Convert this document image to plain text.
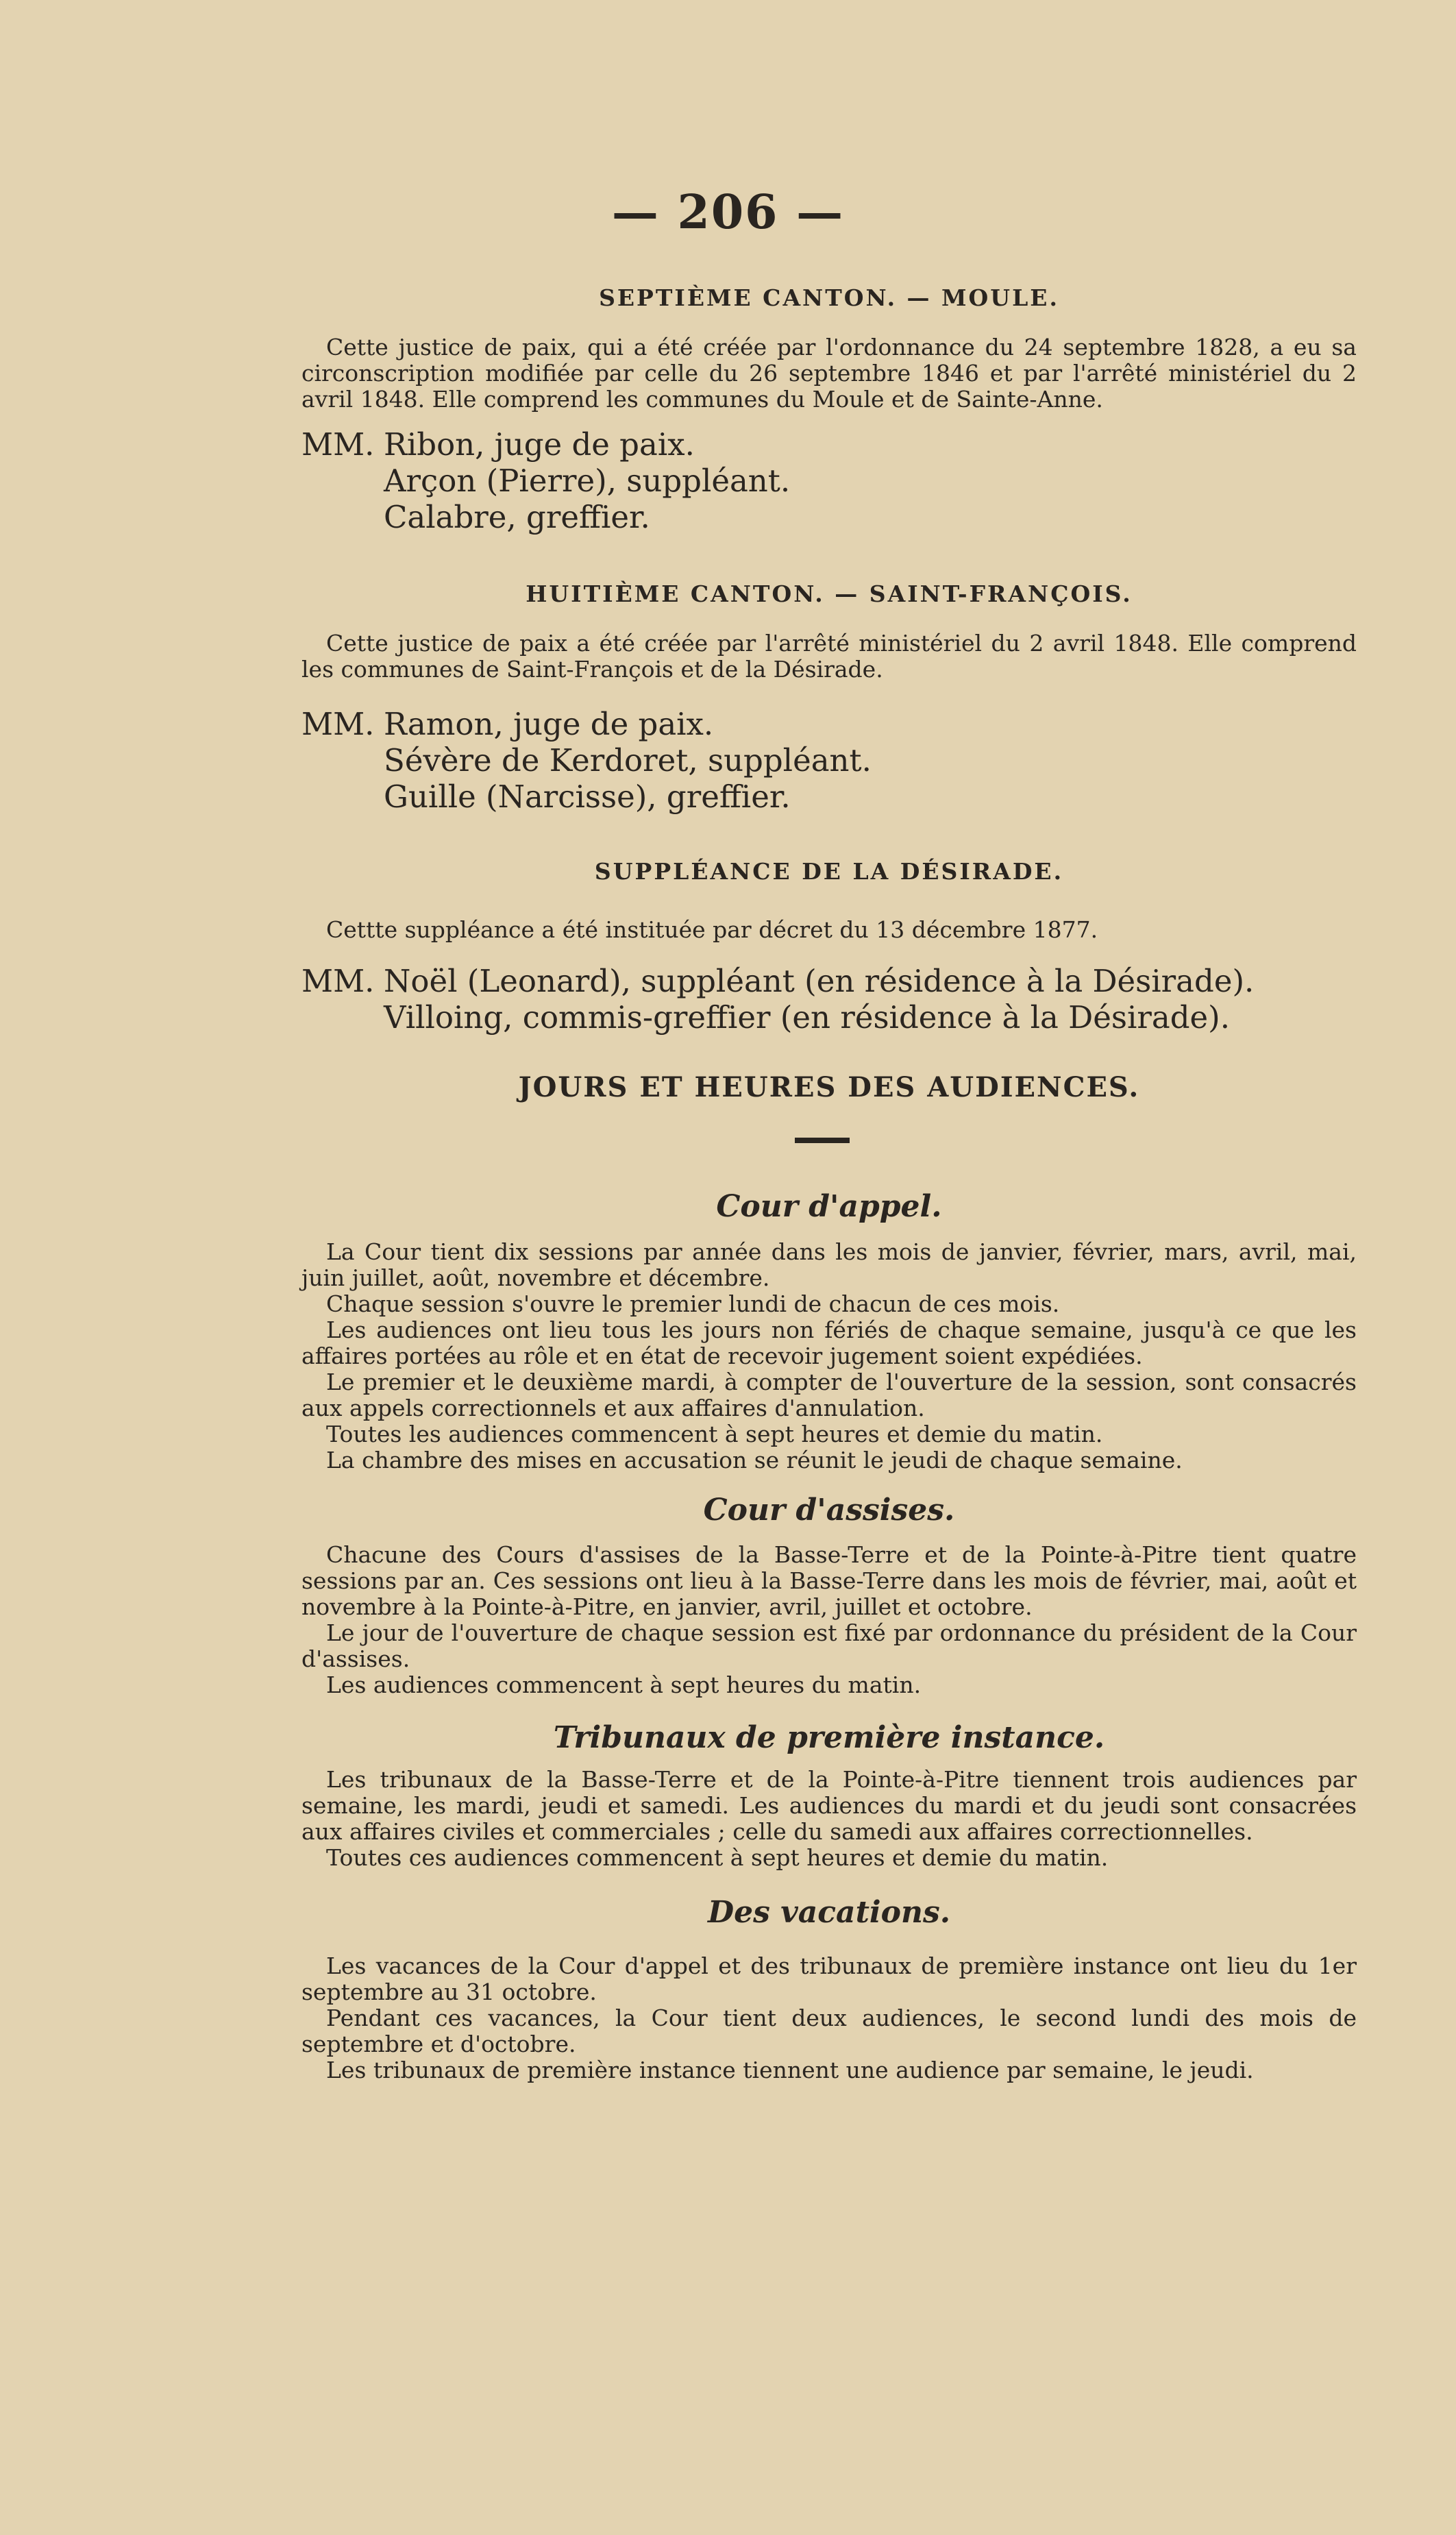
— 206 —
SEPTIÈME CANTON. — MOULE.

Cette justice de paix, qui a été créée par l'ordonnance du 24 septembre 1828, a eu sa circonscription modifiée par celle du 26 septembre 1846 et par l'arrêté ministériel du 2 avril 1848. Elle comprend les communes du Moule et de Sainte-Anne.

MM. Ribon, juge de paix.
Arçon (Pierre), suppléant.
Calabre, greffier.
HUITIÈME CANTON. — SAINT-FRANÇOIS.

Cette justice de paix a été créée par l'arrêté ministériel du 2 avril 1848. Elle comprend les communes de Saint-François et de la Désirade.

MM. Ramon, juge de paix.
Sévère de Kerdoret, suppléant.
Guille (Narcisse), greffier.
SUPPLÉANCE DE LA DÉSIRADE.

Cettte suppléance a été instituée par décret du 13 décembre 1877.

MM. Noël (Leonard), suppléant (en résidence à la Désirade).
Villoing, commis-greffier (en résidence à la Désirade).
JOURS ET HEURES DES AUDIENCES.
Cour d'appel.

La Cour tient dix sessions par année dans les mois de janvier, février, mars, avril, mai, juin juillet, août, novembre et décembre.

Chaque session s'ouvre le premier lundi de chacun de ces mois.

Les audiences ont lieu tous les jours non fériés de chaque semaine, jusqu'à ce que les affaires portées au rôle et en état de recevoir jugement soient expédiées.

Le premier et le deuxième mardi, à compter de l'ouverture de la session, sont consacrés aux appels correctionnels et aux affaires d'annulation.

Toutes les audiences commencent à sept heures et demie du matin.

La chambre des mises en accusation se réunit le jeudi de chaque semaine.

Cour d'assises.

Chacune des Cours d'assises de la Basse-Terre et de la Pointe-à-Pitre tient quatre sessions par an. Ces sessions ont lieu à la Basse-Terre dans les mois de février, mai, août et novembre à la Pointe-à-Pitre, en janvier, avril, juillet et octobre.

Le jour de l'ouverture de chaque session est fixé par ordonnance du président de la Cour d'assises.

Les audiences commencent à sept heures du matin.

Tribunaux de première instance.

Les tribunaux de la Basse-Terre et de la Pointe-à-Pitre tiennent trois audiences par semaine, les mardi, jeudi et samedi. Les audiences du mardi et du jeudi sont consacrées aux affaires civiles et commerciales ; celle du samedi aux affaires correctionnelles.

Toutes ces audiences commencent à sept heures et demie du matin.

Des vacations.

Les vacances de la Cour d'appel et des tribunaux de première instance ont lieu du 1er septembre au 31 octobre.

Pendant ces vacances, la Cour tient deux audiences, le second lundi des mois de septembre et d'octobre.

Les tribunaux de première instance tiennent une audience par semaine, le jeudi.
